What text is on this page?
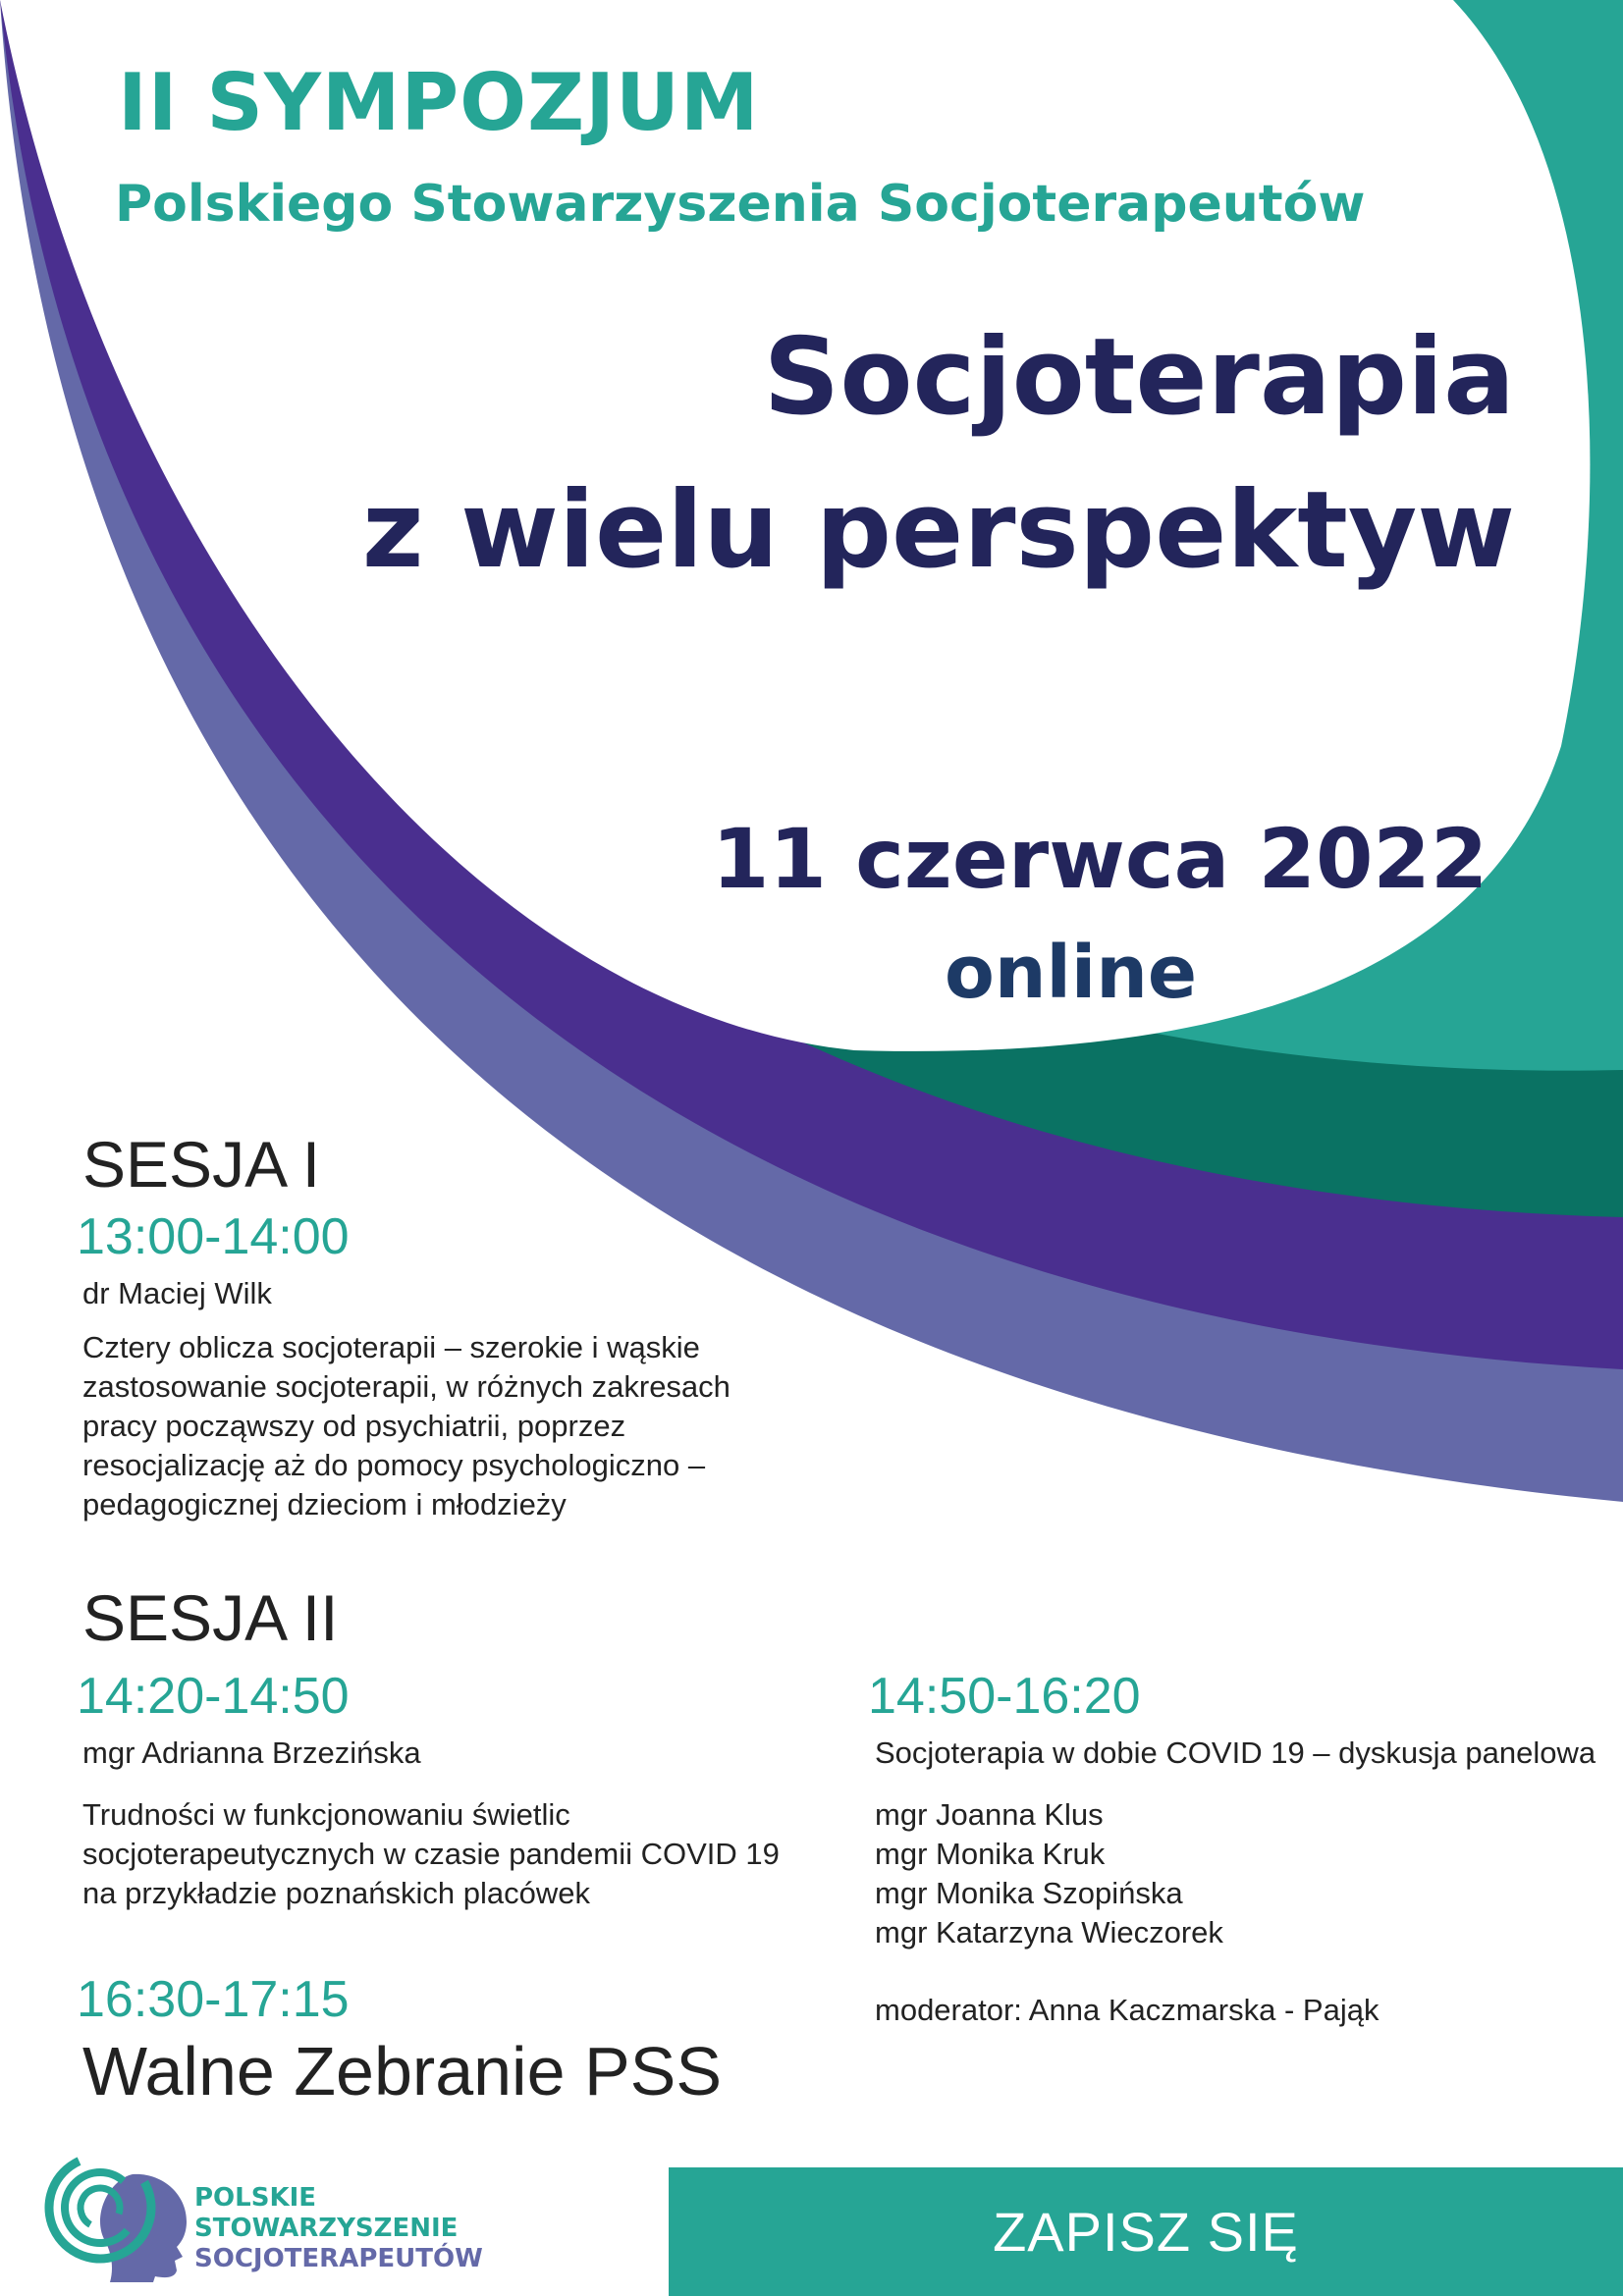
II SYMPOZJUM
Polskiego Stowarzyszenia Socjoterapeutów
Socjoterapia
z wielu perspektyw
11 czerwca 2022
online
SESJA I
13:00-14:00
dr Maciej Wilk
Cztery oblicza socjoterapii – szerokie i wąskie
zastosowanie socjoterapii, w różnych zakresach
pracy począwszy od psychiatrii, poprzez
resocjalizację aż do pomocy psychologiczno –
pedagogicznej dzieciom i młodzieży
SESJA II
14:20-14:50
mgr Adrianna Brzezińska
Trudności w funkcjonowaniu świetlic
socjoterapeutycznych w czasie pandemii COVID 19
na przykładzie poznańskich placówek
14:50-16:20
Socjoterapia w dobie COVID 19 – dyskusja panelowa
mgr Joanna Klus
mgr Monika Kruk
mgr Monika Szopińska
mgr Katarzyna Wieczorek
moderator: Anna Kaczmarska - Pająk
16:30-17:15
Walne Zebranie PSS
POLSKIE
STOWARZYSZENIE
SOCJOTERAPEUTÓW	ZAPISZ SIĘ
